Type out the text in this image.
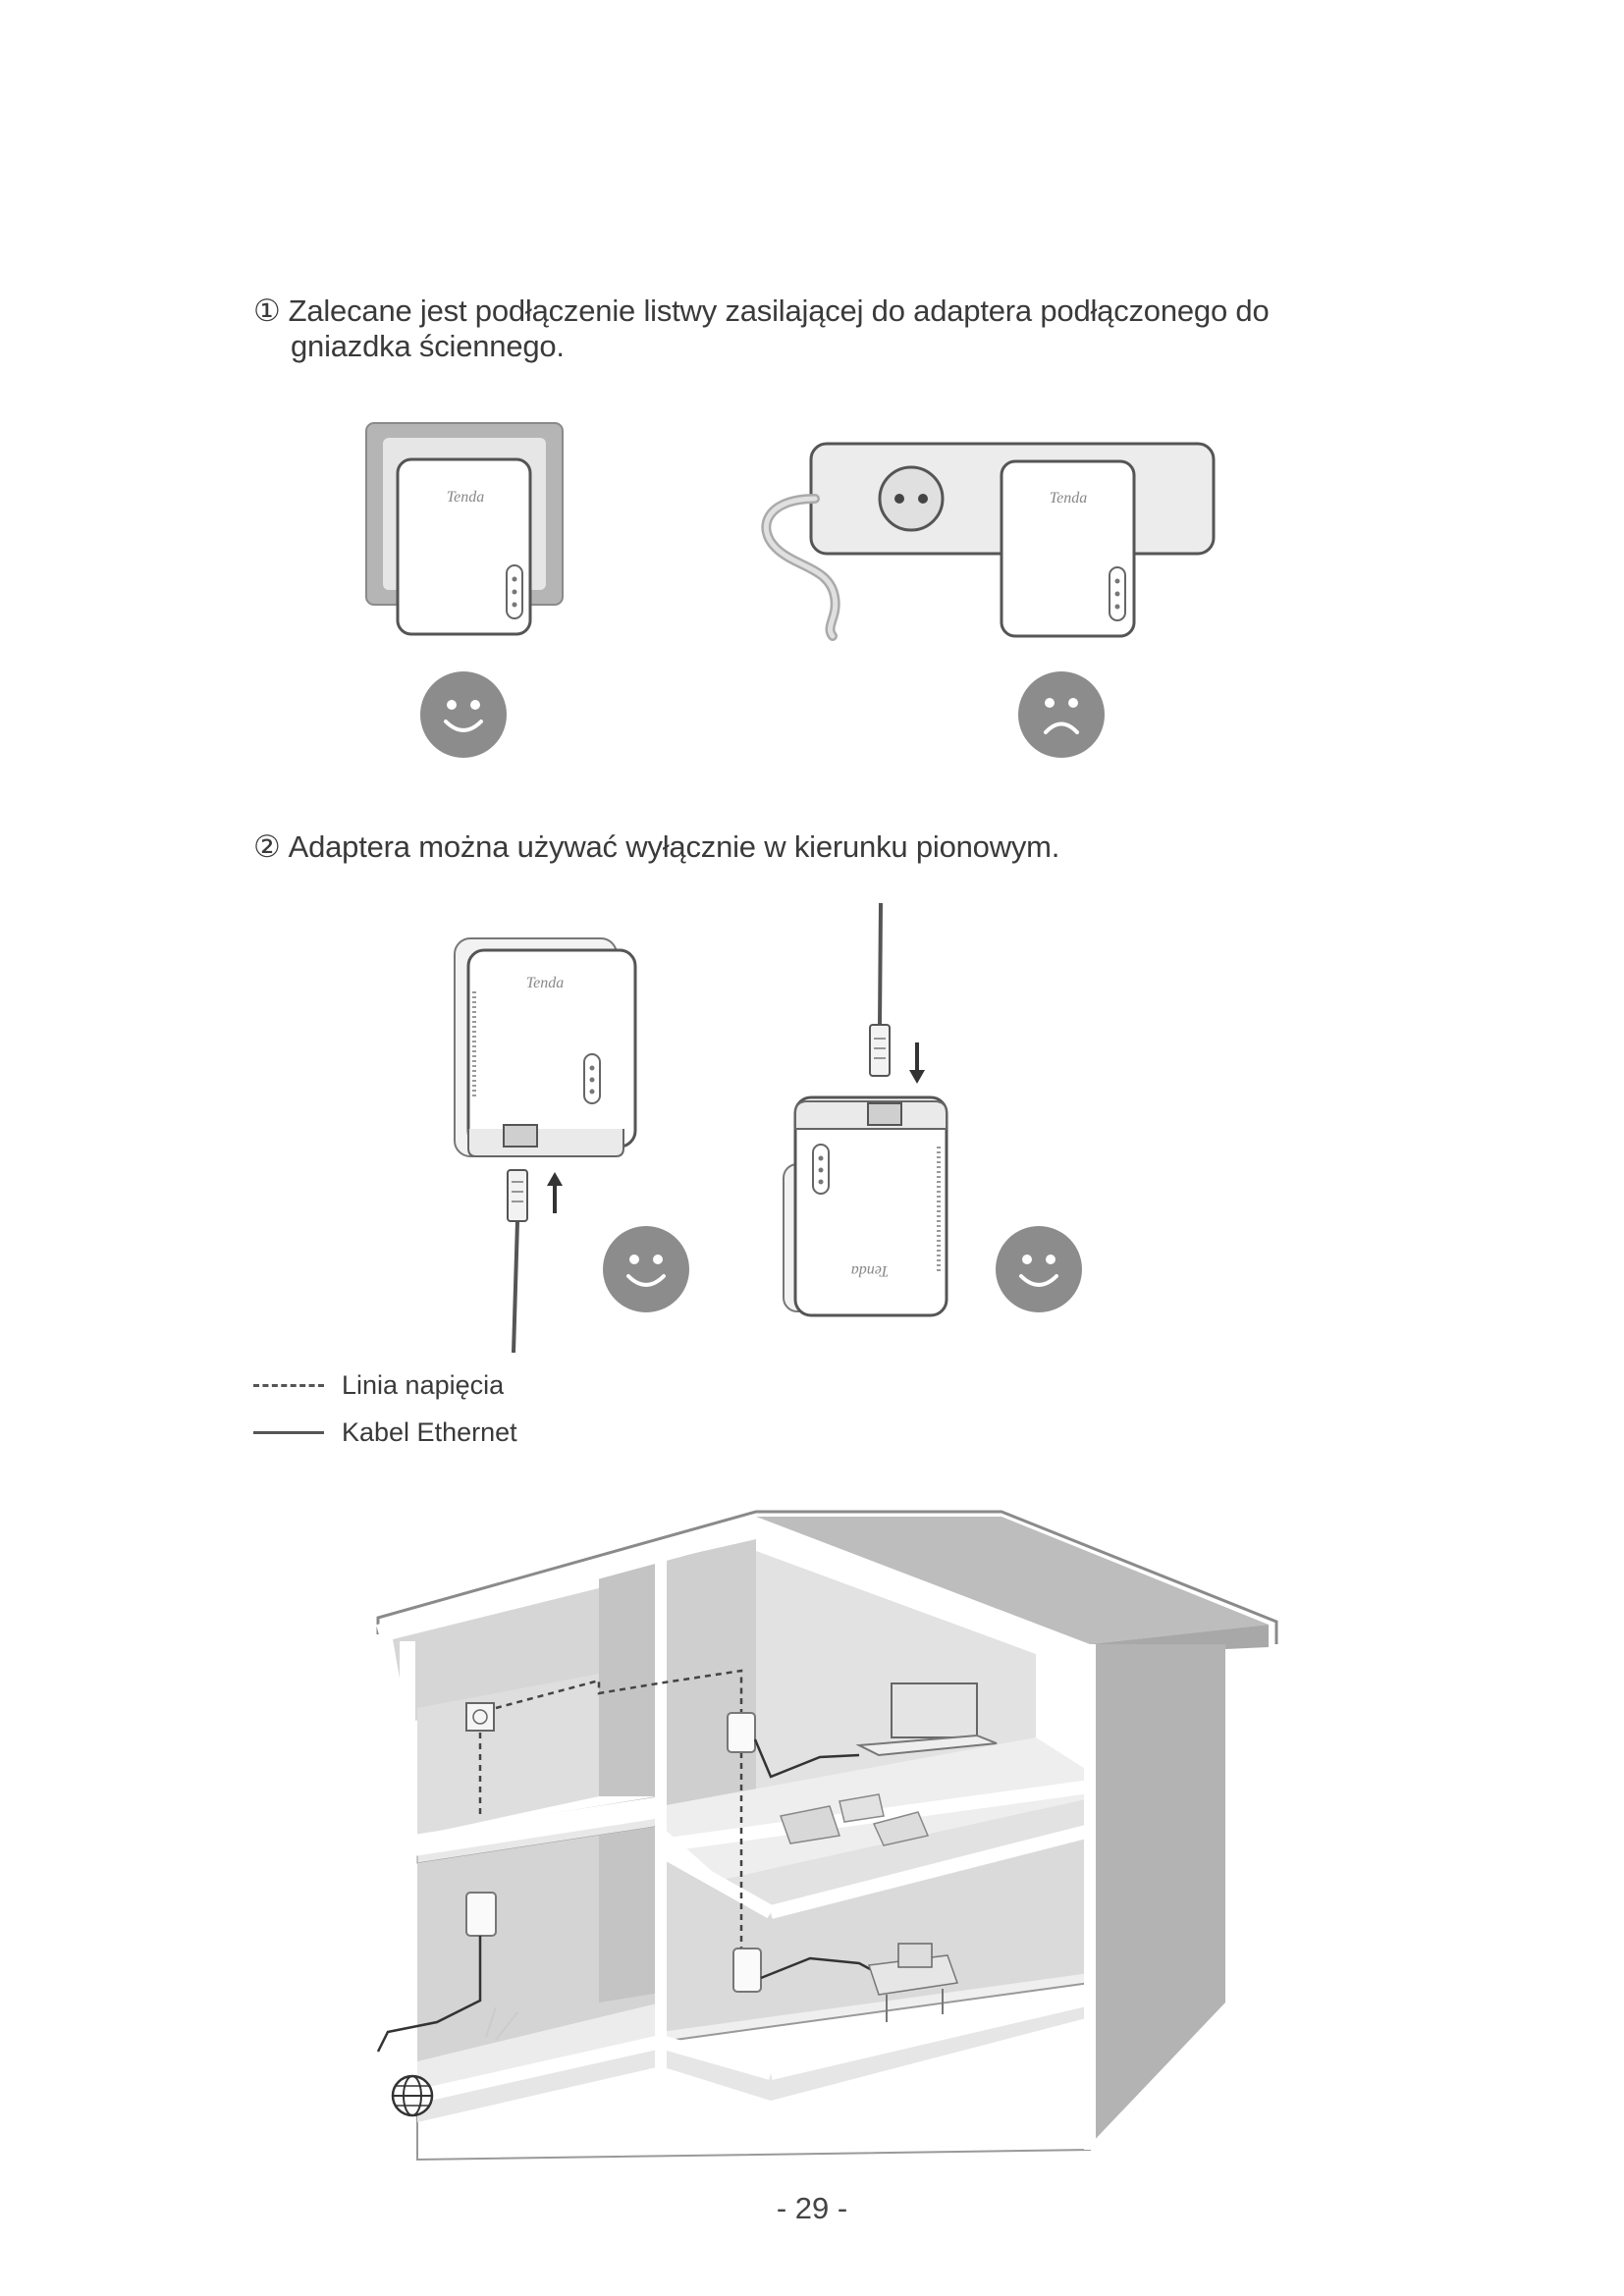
① Zalecane jest podłączenie listwy zasilającej do adaptera podłączonego do
gniazdka ściennego.
Tenda	Tenda
② Adaptera można używać wyłącznie w kierunku pionowym.
Tenda
Tenda
Linia napięcia
Kabel Ethernet
- 29 -
